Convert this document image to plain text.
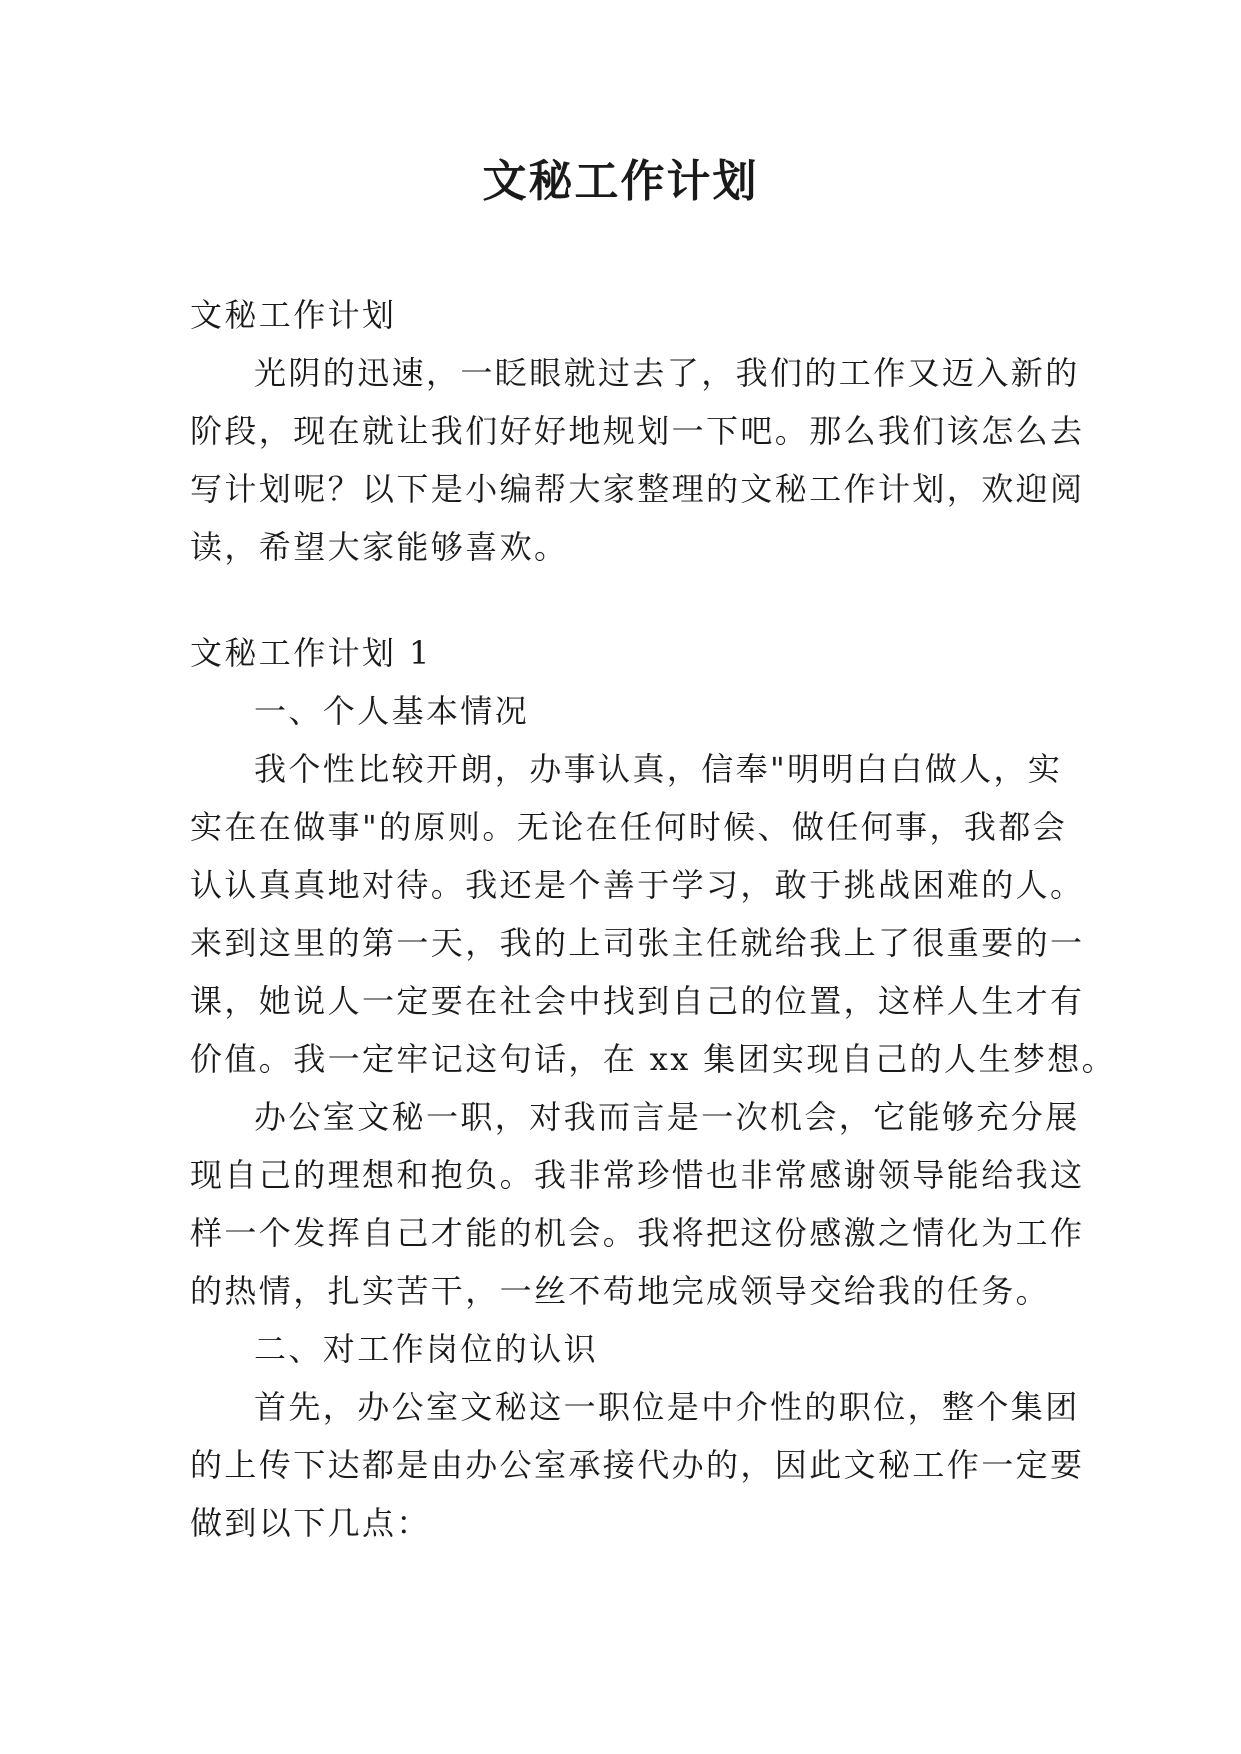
文秘工作计划

文秘工作计划

光阴的迅速，一眨眼就过去了，我们的工作又迈入新的

阶段，现在就让我们好好地规划一下吧。那么我们该怎么去

写计划呢？以下是小编帮大家整理的文秘工作计划，欢迎阅

读，希望大家能够喜欢。

文秘工作计划 1

一、个人基本情况

我个性比较开朗，办事认真，信奉"明明白白做人，实

实在在做事"的原则。无论在任何时候、做任何事，我都会

认认真真地对待。我还是个善于学习，敢于挑战困难的人。

来到这里的第一天，我的上司张主任就给我上了很重要的一

课，她说人一定要在社会中找到自己的位置，这样人生才有

价值。我一定牢记这句话，在 xx 集团实现自己的人生梦想。

办公室文秘一职，对我而言是一次机会，它能够充分展

现自己的理想和抱负。我非常珍惜也非常感谢领导能给我这

样一个发挥自己才能的机会。我将把这份感激之情化为工作

的热情，扎实苦干，一丝不苟地完成领导交给我的任务。

二、对工作岗位的认识

首先，办公室文秘这一职位是中介性的职位，整个集团

的上传下达都是由办公室承接代办的，因此文秘工作一定要

做到以下几点：
